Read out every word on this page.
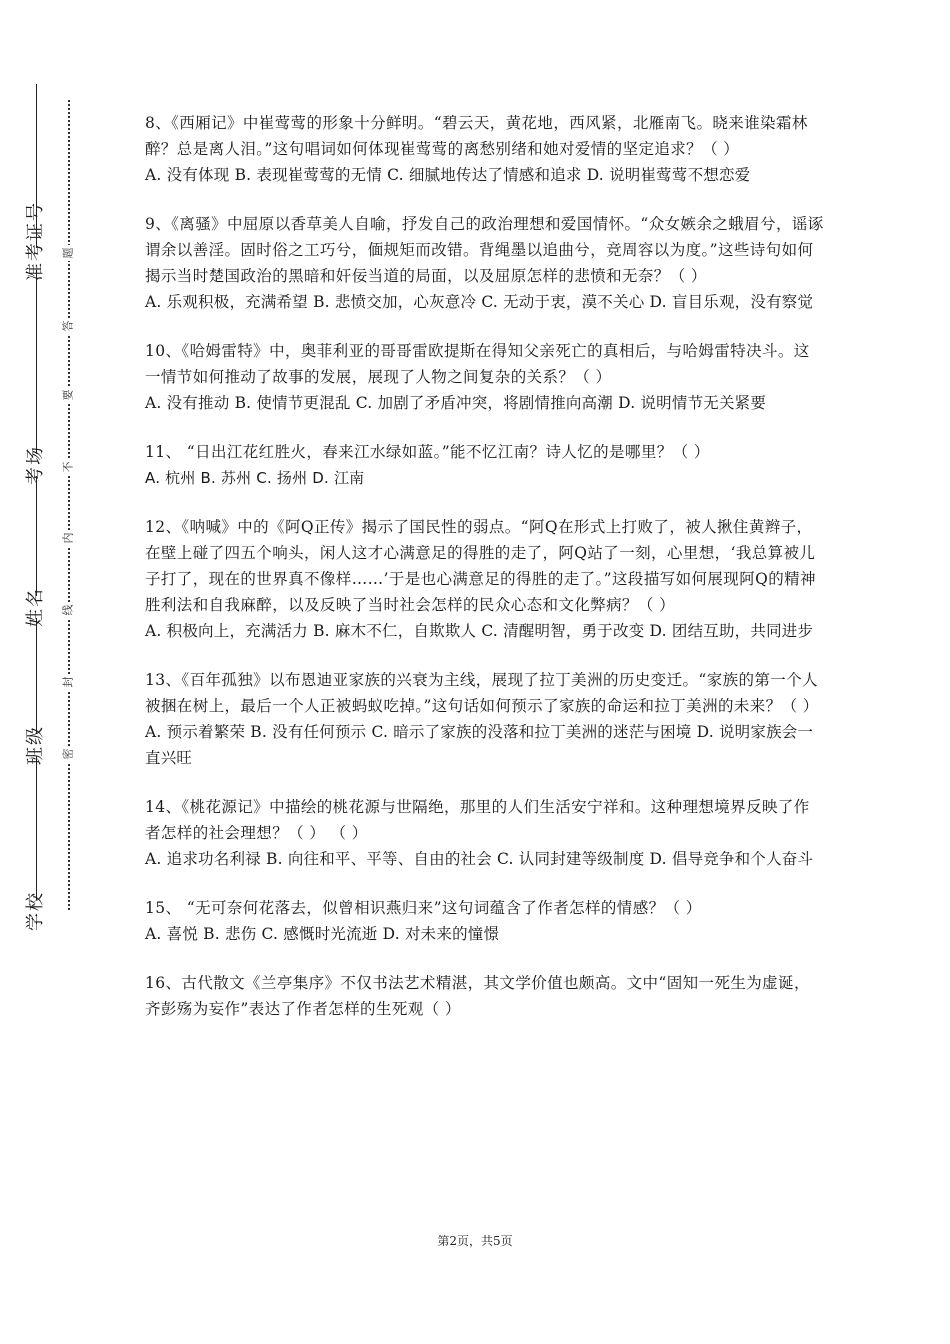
准考证号
考场
姓名
班级
学校
题
答
要
不
内
线
封
密
8、《西厢记》中崔莺莺的形象十分鲜明。“碧云天，黄花地，西风紧，北雁南飞。晓来谁染霜林醉？总是离人泪。”这句唱词如何体现崔莺莺的离愁别绪和她对爱情的坚定追求？（ ）
A. 没有体现 B. 表现崔莺莺的无情 C. 细腻地传达了情感和追求 D. 说明崔莺莺不想恋爱
9、《离骚》中屈原以香草美人自喻，抒发自己的政治理想和爱国情怀。“众女嫉余之蛾眉兮，谣诼谓余以善淫。固时俗之工巧兮，偭规矩而改错。背绳墨以追曲兮，竞周容以为度。”这些诗句如何揭示当时楚国政治的黑暗和奸佞当道的局面，以及屈原怎样的悲愤和无奈？（ ）
A. 乐观积极，充满希望 B. 悲愤交加，心灰意冷 C. 无动于衷，漠不关心 D. 盲目乐观，没有察觉
10、《哈姆雷特》中，奥菲利亚的哥哥雷欧提斯在得知父亲死亡的真相后，与哈姆雷特决斗。这一情节如何推动了故事的发展，展现了人物之间复杂的关系？（ ）
A. 没有推动 B. 使情节更混乱 C. 加剧了矛盾冲突，将剧情推向高潮 D. 说明情节无关紧要
11、 “日出江花红胜火，春来江水绿如蓝。”能不忆江南？诗人忆的是哪里？（ ）
A. 杭州 B. 苏州 C. 扬州 D. 江南
12、《呐喊》中的《阿Q正传》揭示了国民性的弱点。“阿Q在形式上打败了，被人揪住黄辫子，在壁上碰了四五个响头，闲人这才心满意足的得胜的走了，阿Q站了一刻，心里想，‘我总算被儿子打了，现在的世界真不像样……’于是也心满意足的得胜的走了。”这段描写如何展现阿Q的精神胜利法和自我麻醉，以及反映了当时社会怎样的民众心态和文化弊病？（ ）
A. 积极向上，充满活力 B. 麻木不仁，自欺欺人 C. 清醒明智，勇于改变 D. 团结互助，共同进步
13、《百年孤独》以布恩迪亚家族的兴衰为主线，展现了拉丁美洲的历史变迁。“家族的第一个人被捆在树上，最后一个人正被蚂蚁吃掉。”这句话如何预示了家族的命运和拉丁美洲的未来？（ ）
A. 预示着繁荣 B. 没有任何预示 C. 暗示了家族的没落和拉丁美洲的迷茫与困境 D. 说明家族会一直兴旺
14、《桃花源记》中描绘的桃花源与世隔绝，那里的人们生活安宁祥和。这种理想境界反映了作者怎样的社会理想？（ ） （ ）
A. 追求功名利禄 B. 向往和平、平等、自由的社会 C. 认同封建等级制度 D. 倡导竞争和个人奋斗
15、 “无可奈何花落去，似曾相识燕归来”这句词蕴含了作者怎样的情感？（ ）
A. 喜悦 B. 悲伤 C. 感慨时光流逝 D. 对未来的憧憬
16、古代散文《兰亭集序》不仅书法艺术精湛，其文学价值也颇高。文中“固知一死生为虚诞，齐彭殇为妄作”表达了作者怎样的生死观（ ）
第2页，共5页
